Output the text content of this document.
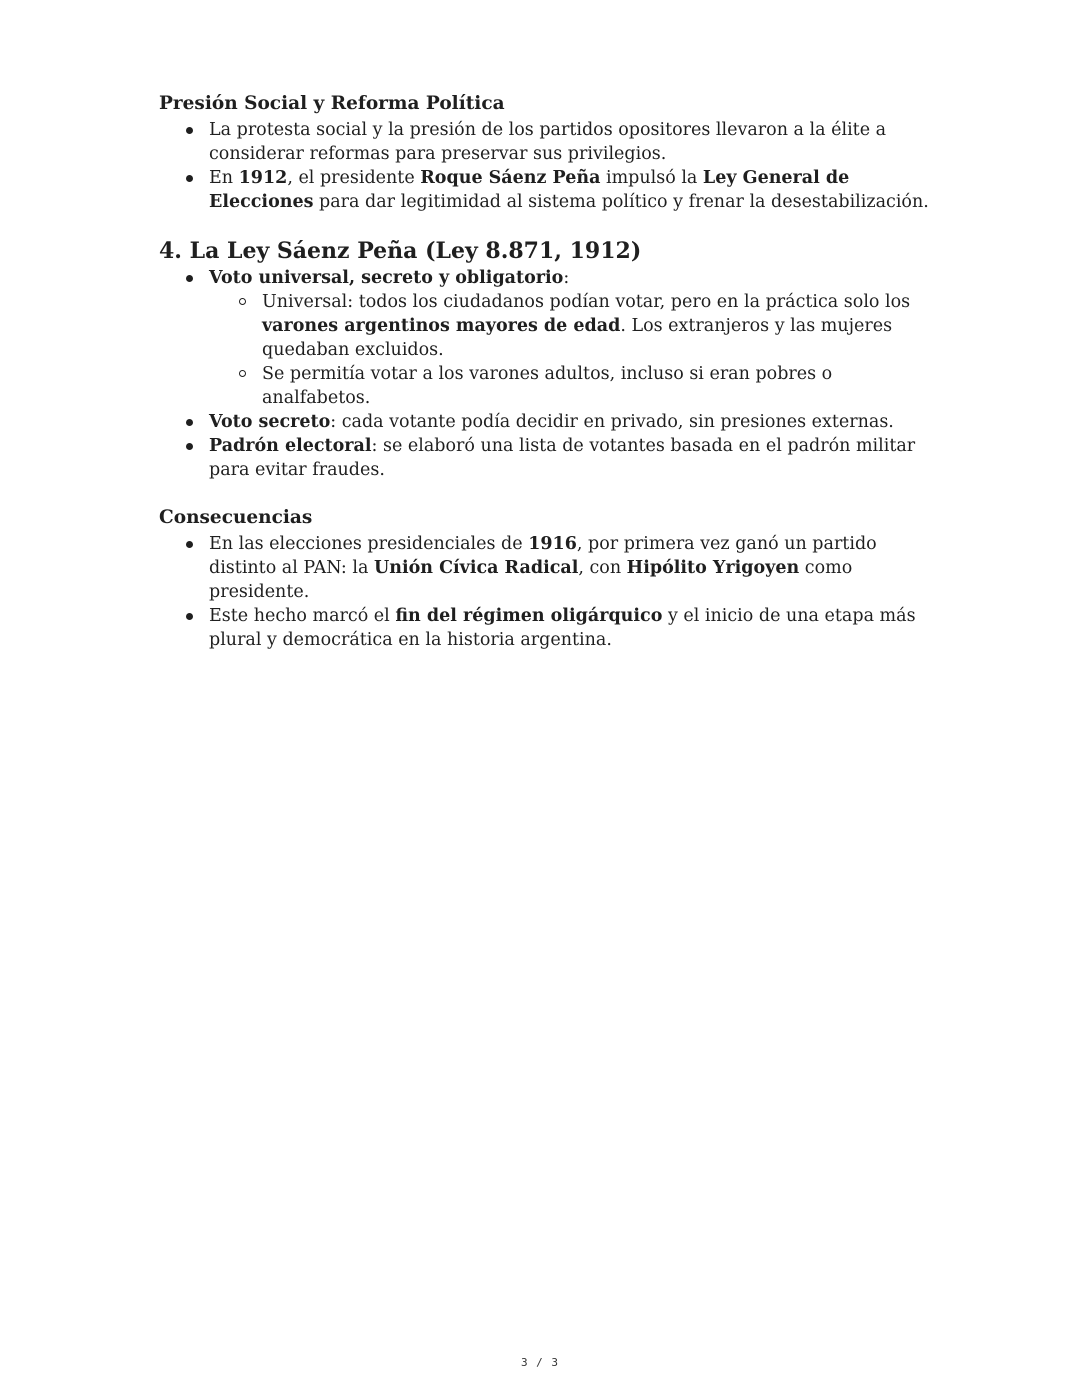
Presión Social y Reforma Política
La protesta social y la presión de los partidos opositores llevaron a la élite a considerar reformas para preservar sus privilegios.
En 1912, el presidente Roque Sáenz Peña impulsó la Ley General de Elecciones para dar legitimidad al sistema político y frenar la desestabilización.
4. La Ley Sáenz Peña (Ley 8.871, 1912)
Voto universal, secreto y obligatorio:
Universal: todos los ciudadanos podían votar, pero en la práctica solo los varones argentinos mayores de edad. Los extranjeros y las mujeres quedaban excluidos.
Se permitía votar a los varones adultos, incluso si eran pobres o analfabetos.
Voto secreto: cada votante podía decidir en privado, sin presiones externas.
Padrón electoral: se elaboró una lista de votantes basada en el padrón militar para evitar fraudes.
Consecuencias
En las elecciones presidenciales de 1916, por primera vez ganó un partido distinto al PAN: la Unión Cívica Radical, con Hipólito Yrigoyen como presidente.
Este hecho marcó el fin del régimen oligárquico y el inicio de una etapa más plural y democrática en la historia argentina.
3 / 3
